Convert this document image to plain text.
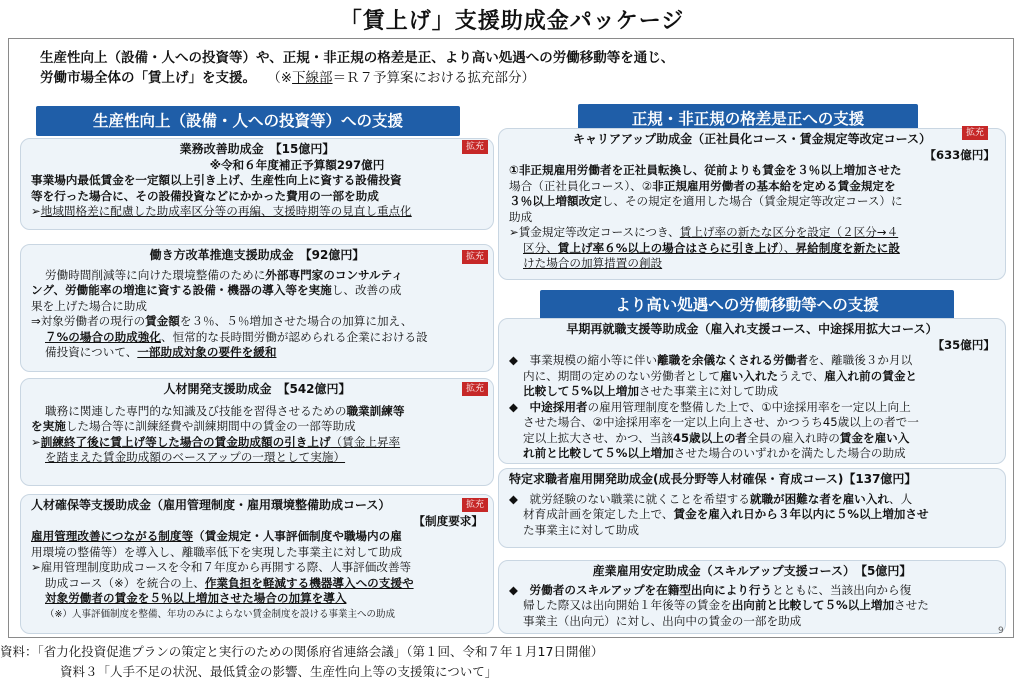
「賃上げ」支援助成金パッケージ
生産性向上（設備・人への投資等）や、正規・非正規の格差是正、より高い処遇への労働移動等を通じ、
労働市場全体の「賃上げ」を支援。 （※下線部＝Ｒ７予算案における拡充部分）
生産性向上（設備・人への投資等）への支援	正規・非正規の格差是正への支援
より高い処遇への労働移動等への支援
業務改善助成金　 【15億円】
※令和６年度補正予算額297億円

事業場内最低賃金を一定額以上引き上げ、生産性向上に資する設備投資

等を行った場合に、その設備投資などにかかった費用の一部を助成

➢地域間格差に配慮した助成率区分等の再編、支援時期等の見直し重点化

拡充
働き方改革推進支援助成金　 【92億円】

労働時間削減等に向けた環境整備のために外部専門家のコンサルティ

ング、労働能率の増進に資する設備・機器の導入等を実施し、改善の成

果を上げた場合に助成

⇒対象労働者の現行の賃金額を３％、５％増加させた場合の加算に加え、

７%の場合の助成強化、恒常的な長時間労働が認められる企業における設

備投資について、一部助成対象の要件を緩和

拡充
人材開発支援助成金　 【542億円】

職務に関連した専門的な知識及び技能を習得させるための職業訓練等

を実施した場合等に訓練経費や訓練期間中の賃金の一部等助成

➢訓練終了後に賃上げ等した場合の賃金助成額の引き上げ（賃金上昇率

を踏まえた賃金助成額のベースアップの一環として実施）

拡充
人材確保等支援助成金（雇用管理制度・雇用環境整備助成コース）
【制度要求】

雇用管理改善につながる制度等（賃金規定・人事評価制度や職場内の雇

用環境の整備等）を導入し、離職率低下を実現した事業主に対して助成

➢雇用管理制度助成コースを令和７年度から再開する際、人事評価改善等

助成コース（※）を統合の上、作業負担を軽減する機器導入への支援や

対象労働者の賃金を５％以上増加させた場合の加算を導入

（※）人事評価制度を整備、年功のみによらない賃金制度を設ける事業主への助成

拡充
キャリアアップ助成金（正社員化コース・賃金規定等改定コース）
【633億円】

①非正規雇用労働者を正社員転換し、従前よりも賃金を３％以上増加させた

場合（正社員化コース）、②非正規雇用労働者の基本給を定める賃金規定を

３％以上増額改定し、その規定を適用した場合（賃金規定等改定コース）に

助成

➢賃金規定等改定コースにつき、賃上げ率の新たな区分を設定（２区分→４

区分、賃上げ率６%以上の場合はさらに引き上げ）、昇給制度を新たに設

けた場合の加算措置の創設

拡充
早期再就職支援等助成金（雇入れ支援コース、中途採用拡大コース）
【35億円】

◆　 事業規模の縮小等に伴い離職を余儀なくされる労働者を、離職後３か月以

内に、期間の定めのない労働者として雇い入れたうえで、雇入れ前の賃金と

比較して５%以上増加させた事業主に対して助成

◆　 中途採用者の雇用管理制度を整備した上で、①中途採用率を一定以上向上

させた場合、②中途採用率を一定以上向上させ、かつうち45歳以上の者で一

定以上拡大させ、かつ、当該45歳以上の者全員の雇入れ時の賃金を雇い入

れ前と比較して５%以上増加させた場合のいずれかを満たした場合の助成

特定求職者雇用開発助成金(成長分野等人材確保・育成コース)【137億円】

◆　 就労経験のない職業に就くことを希望する就職が困難な者を雇い入れ、人

材育成計画を策定した上で、賃金を雇入れ日から３年以内に５%以上増加させ

た事業主に対して助成

産業雇用安定助成金（スキルアップ支援コース）　 【5億円】

◆　 労働者のスキルアップを在籍型出向により行うとともに、当該出向から復

帰した際又は出向開始１年後等の賃金を出向前と比較して５%以上増加させた

事業主（出向元）に対し、出向中の賃金の一部を助成

9
資料：「省力化投資促進プランの策定と実行のための関係府省連絡会議」（第１回、令和７年１月17日開催）
資料３「人手不足の状況、最低賃金の影響、生産性向上等の支援策について」
